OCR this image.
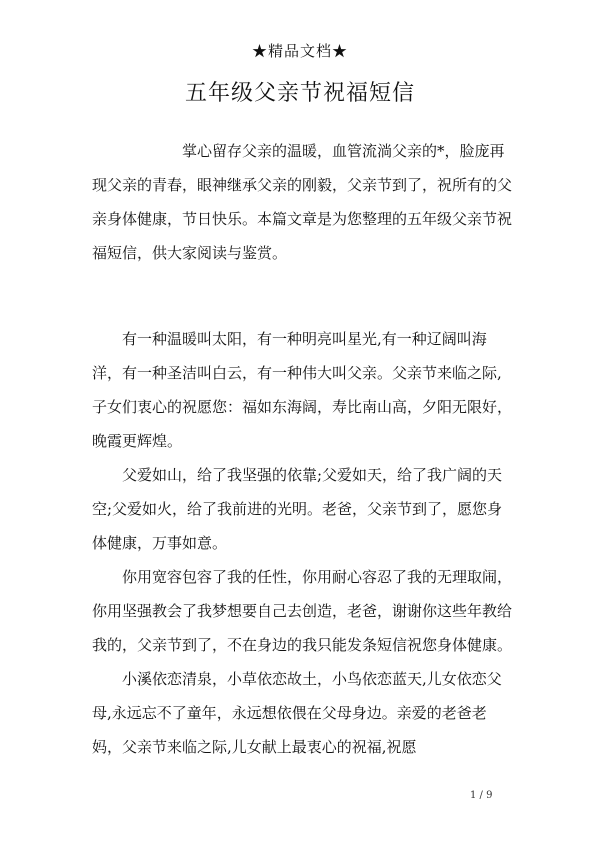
★精品文档★
五年级父亲节祝福短信

掌心留存父亲的温暖，血管流淌父亲的*，脸庞再现父亲的青春，眼神继承父亲的刚毅，父亲节到了，祝所有的父亲身体健康，节日快乐。本篇文章是为您整理的五年级父亲节祝福短信，供大家阅读与鉴赏。

有一种温暖叫太阳，有一种明亮叫星光,有一种辽阔叫海洋，有一种圣洁叫白云，有一种伟大叫父亲。父亲节来临之际,子女们衷心的祝愿您：福如东海阔，寿比南山高，夕阳无限好，晚霞更辉煌。

父爱如山，给了我坚强的依靠;父爱如天，给了我广阔的天空;父爱如火，给了我前进的光明。老爸，父亲节到了，愿您身体健康，万事如意。

你用宽容包容了我的任性，你用耐心容忍了我的无理取闹，你用坚强教会了我梦想要自己去创造，老爸，谢谢你这些年教给我的，父亲节到了，不在身边的我只能发条短信祝您身体健康。

小溪依恋清泉，小草依恋故土，小鸟依恋蓝天,儿女依恋父母,永远忘不了童年，永远想依偎在父母身边。亲爱的老爸老妈，父亲节来临之际,儿女献上最衷心的祝福,祝愿

1 / 9
